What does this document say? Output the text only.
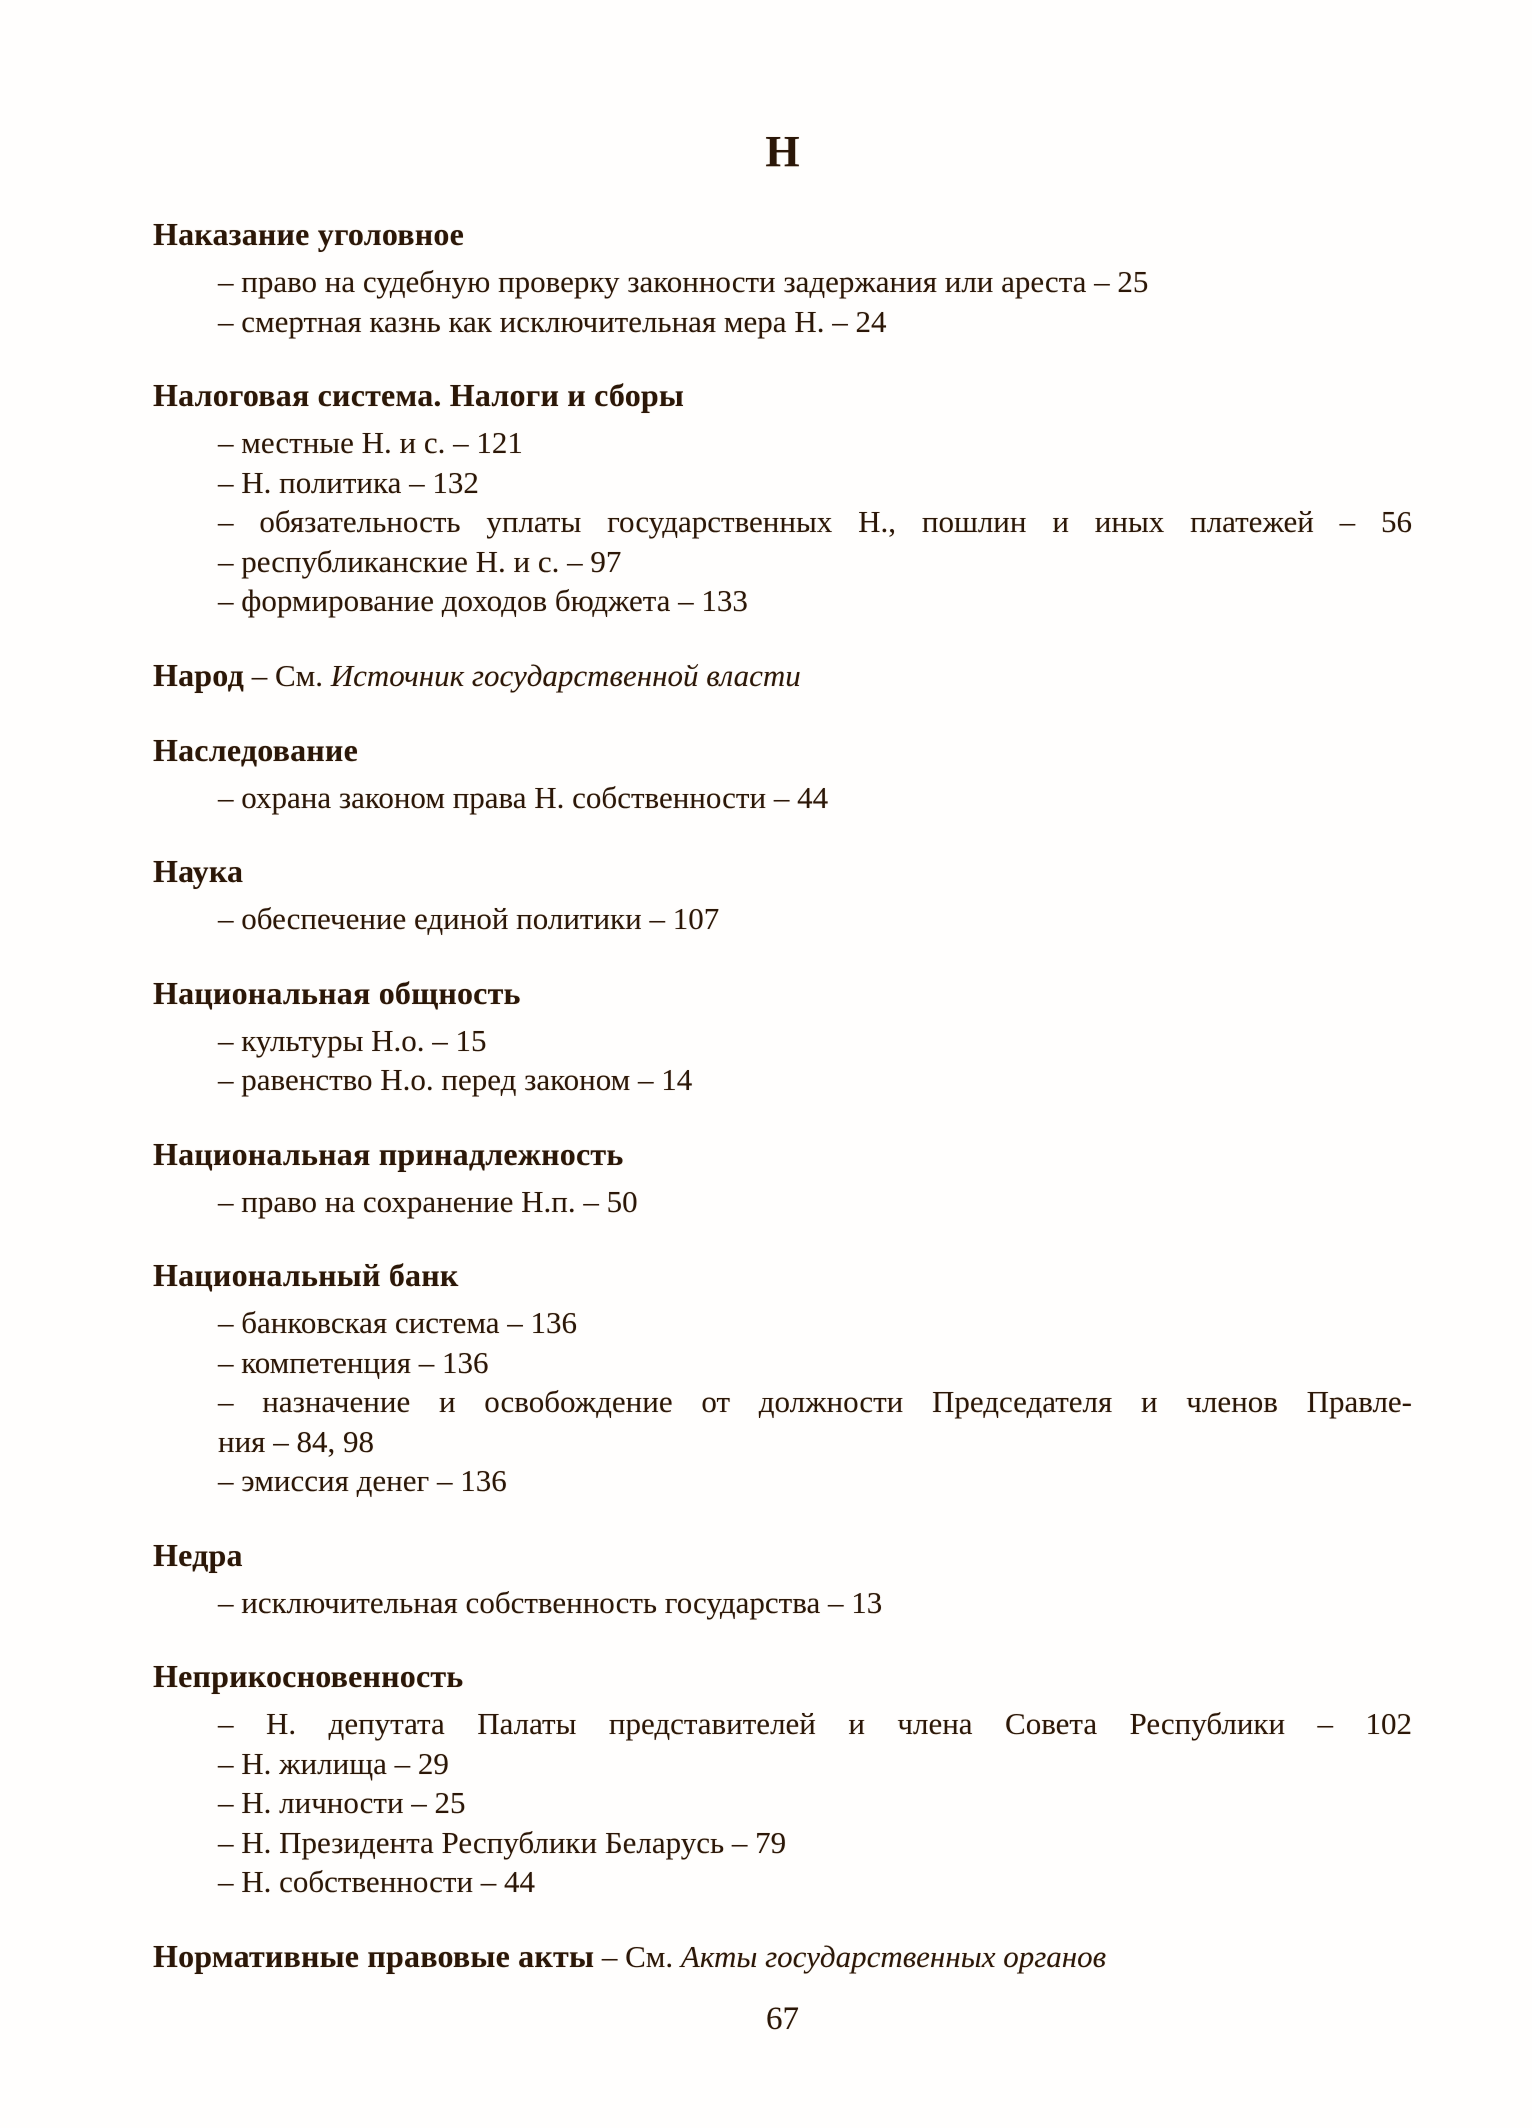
Н
Наказание уголовное
– право на судебную проверку законности задержания или ареста – 25
– смертная казнь как исключительная мера Н. – 24
Налоговая система. Налоги и сборы
– местные Н. и с. – 121
– Н. политика – 132
– обязательность уплаты государственных Н., пошлин и иных платежей – 56
– республиканские Н. и с. – 97
– формирование доходов бюджета – 133
Народ – См. Источник государственной власти
Наследование
– охрана законом права Н. собственности – 44
Наука
– обеспечение единой политики – 107
Национальная общность
– культуры Н.о. – 15
– равенство Н.о. перед законом – 14
Национальная принадлежность
– право на сохранение Н.п. – 50
Национальный банк
– банковская система – 136
– компетенция – 136
– назначение и освобождение от должности Председателя и членов Правле-
ния – 84, 98
– эмиссия денег – 136
Недра
– исключительная собственность государства – 13
Неприкосновенность
– Н. депутата Палаты представителей и члена Совета Республики – 102
– Н. жилища – 29
– Н. личности – 25
– Н. Президента Республики Беларусь – 79
– Н. собственности – 44
Нормативные правовые акты – См. Акты государственных органов
67
